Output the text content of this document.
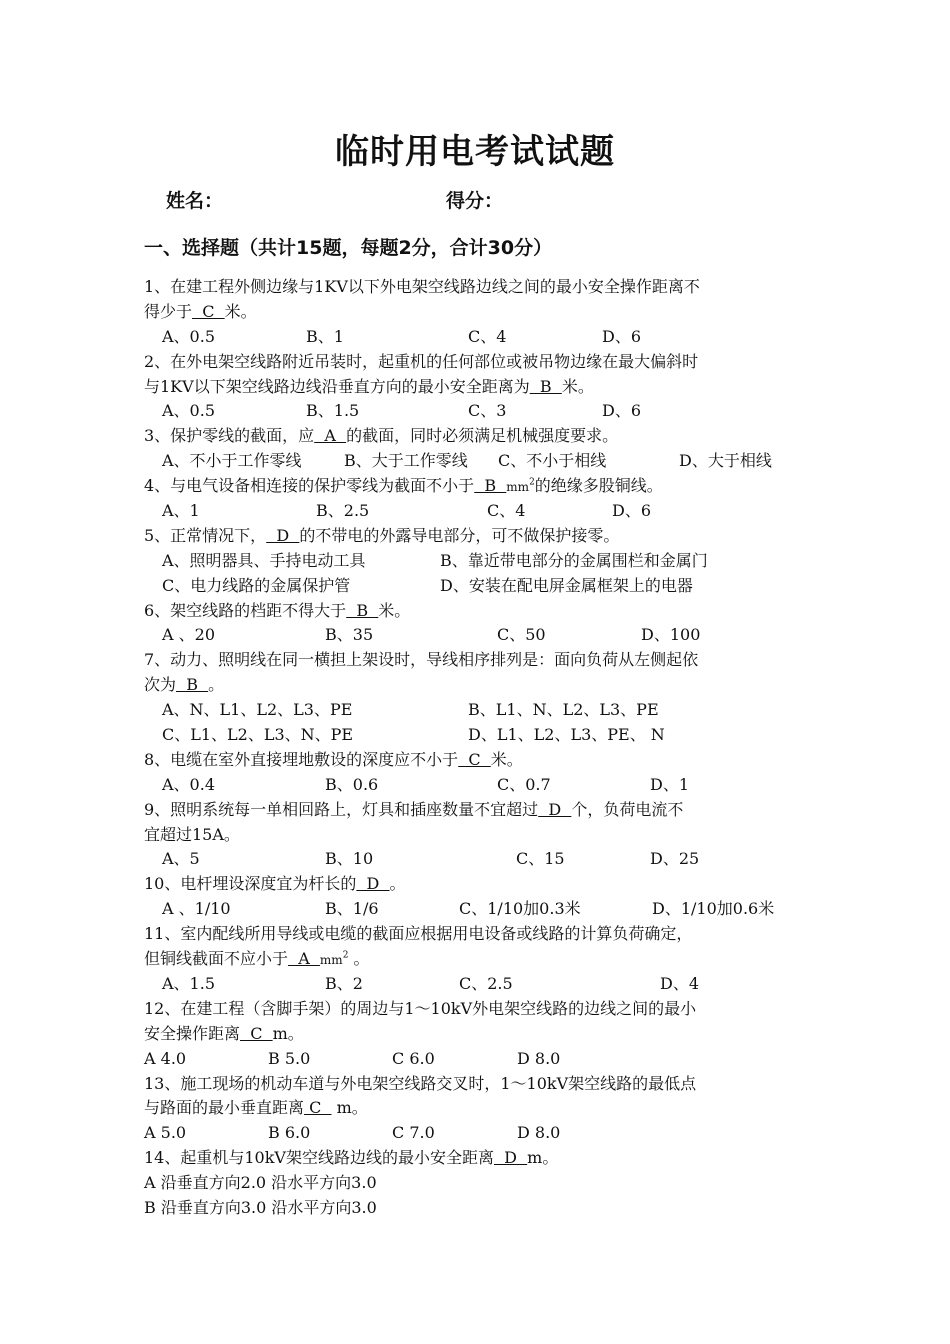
临时用电考试试题
姓名：	得分：
一、选择题（共计15题，每题2分，合计30分）
1、在建工程外侧边缘与1KV以下外电架空线路边线之间的最小安全操作距离不
得少于  C  米。
A、0.5	B、1	C、4	D、6
2、在外电架空线路附近吊装时，起重机的任何部位或被吊物边缘在最大偏斜时
与1KV以下架空线路边线沿垂直方向的最小安全距离为  B  米。
A、0.5	B、1.5	C、3	D、6
3、保护零线的截面，应  A  的截面，同时必须满足机械强度要求。
A、不小于工作零线	B、大于工作零线 C、不小于相线	D、大于相线
4、与电气设备相连接的保护零线为截面不小于  B  $mm^2$的绝缘多股铜线。
A、1	B、2.5	C、4	D、6
5、正常情况下，  D  的不带电的外露导电部分，可不做保护接零。
A、照明器具、手持电动工具	B、靠近带电部分的金属围栏和金属门
C、电力线路的金属保护管	D、安装在配电屏金属框架上的电器
6、架空线路的档距不得大于  B  米。
A 、20	B、35	C、50	D、100
7、动力、照明线在同一横担上架设时，导线相序排列是：面向负荷从左侧起依
次为  B  。
A、N、L1、L2、L3、PE	B、L1、N、L2、L3、PE
C、L1、L2、L3、N、PE	D、L1、L2、L3、PE、 N
8、电缆在室外直接埋地敷设的深度应不小于  C  米。
A、0.4	B、0.6	C、0.7	D、1
9、照明系统每一单相回路上，灯具和插座数量不宜超过  D  个，负荷电流不
宜超过15A。
A、5	B、10	C、15	D、25
10、电杆埋设深度宜为杆长的  D  。
A 、1/10	B、1/6	C、1/10加0.3米	D、1/10加0.6米
11、室内配线所用导线或电缆的截面应根据用电设备或线路的计算负荷确定，
但铜线截面不应小于  A  $mm^2$ 。
A、1.5	B、2	C、2.5	D、4
12、在建工程（含脚手架）的周边与1～10kV外电架空线路的边线之间的最小
安全操作距离  C  m。
A 4.0	B 5.0	C 6.0	D 8.0
13、施工现场的机动车道与外电架空线路交叉时，1～10kV架空线路的最低点
与路面的最小垂直距离 C   m。
A 5.0	B 6.0	C 7.0	D 8.0
14、起重机与10kV架空线路边线的最小安全距离  D  m。
A 沿垂直方向2.0 沿水平方向3.0
B 沿垂直方向3.0 沿水平方向3.0
